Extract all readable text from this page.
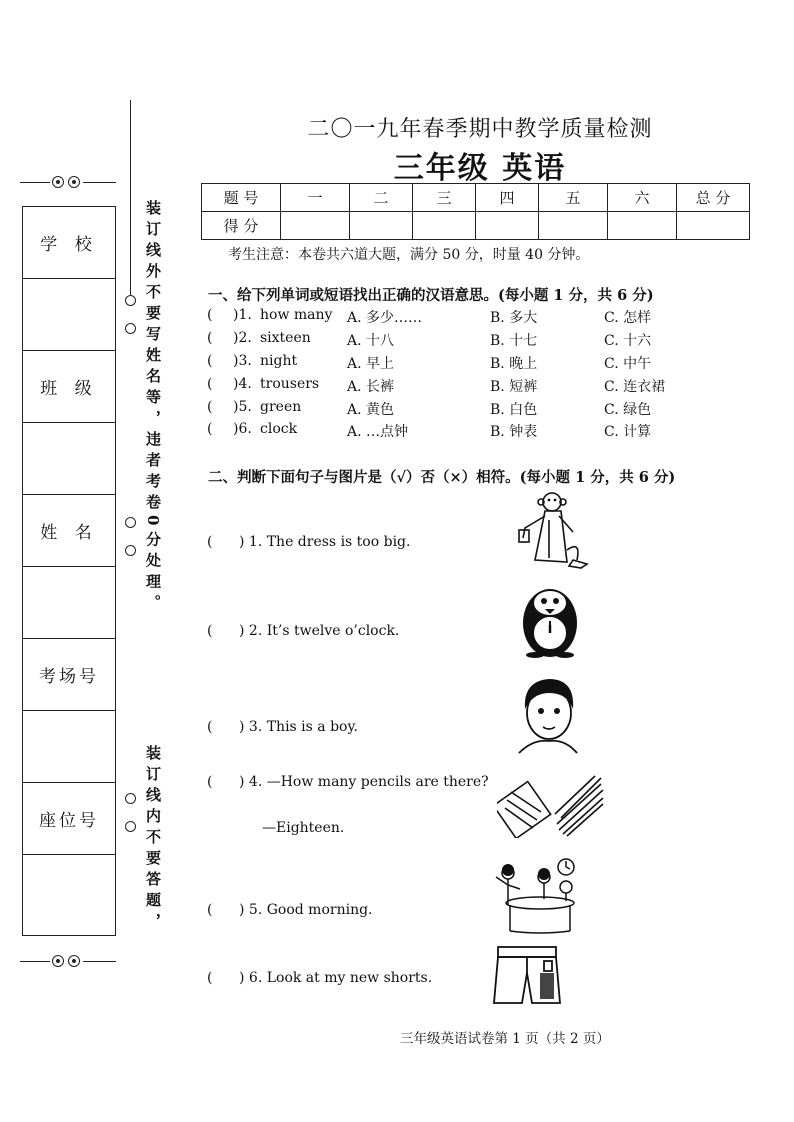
学 校
班 级
姓 名
考场号
座位号
装订线外不要写姓名等，违者考卷0分处理。
装订线内不要答题，
二〇一九年春季期中教学质量检测
三年级 英语
题 号	一	二	三	四	五	六	总 分
得 分							
考生注意：本卷共六道大题，满分 50 分，时量 40 分钟。
一、给下列单词或短语找出正确的汉语意思。(每小题 1 分，共 6 分)
( )1. how many A. 多少……	B. 多大	C. 怎样
( )2. sixteen	A. 十八	B. 十七	C. 十六
( )3. night	A. 早上	B. 晚上	C. 中午
( )4. trousers A. 长裤	B. 短裤	C. 连衣裙
( )5. green	A. 黄色	B. 白色	C. 绿色
( )6. clock	A. …点钟	B. 钟表	C. 计算
二、判断下面句子与图片是（√）否（×）相符。(每小题 1 分，共 6 分)
( ) 1. The dress is too big.
( ) 2. It’s twelve o’clock.
( ) 3. This is a boy.
( ) 4. —How many pencils are there?
—Eighteen.
( ) 5. Good morning.
( ) 6. Look at my new shorts.
三年级英语试卷第 1 页（共 2 页）
